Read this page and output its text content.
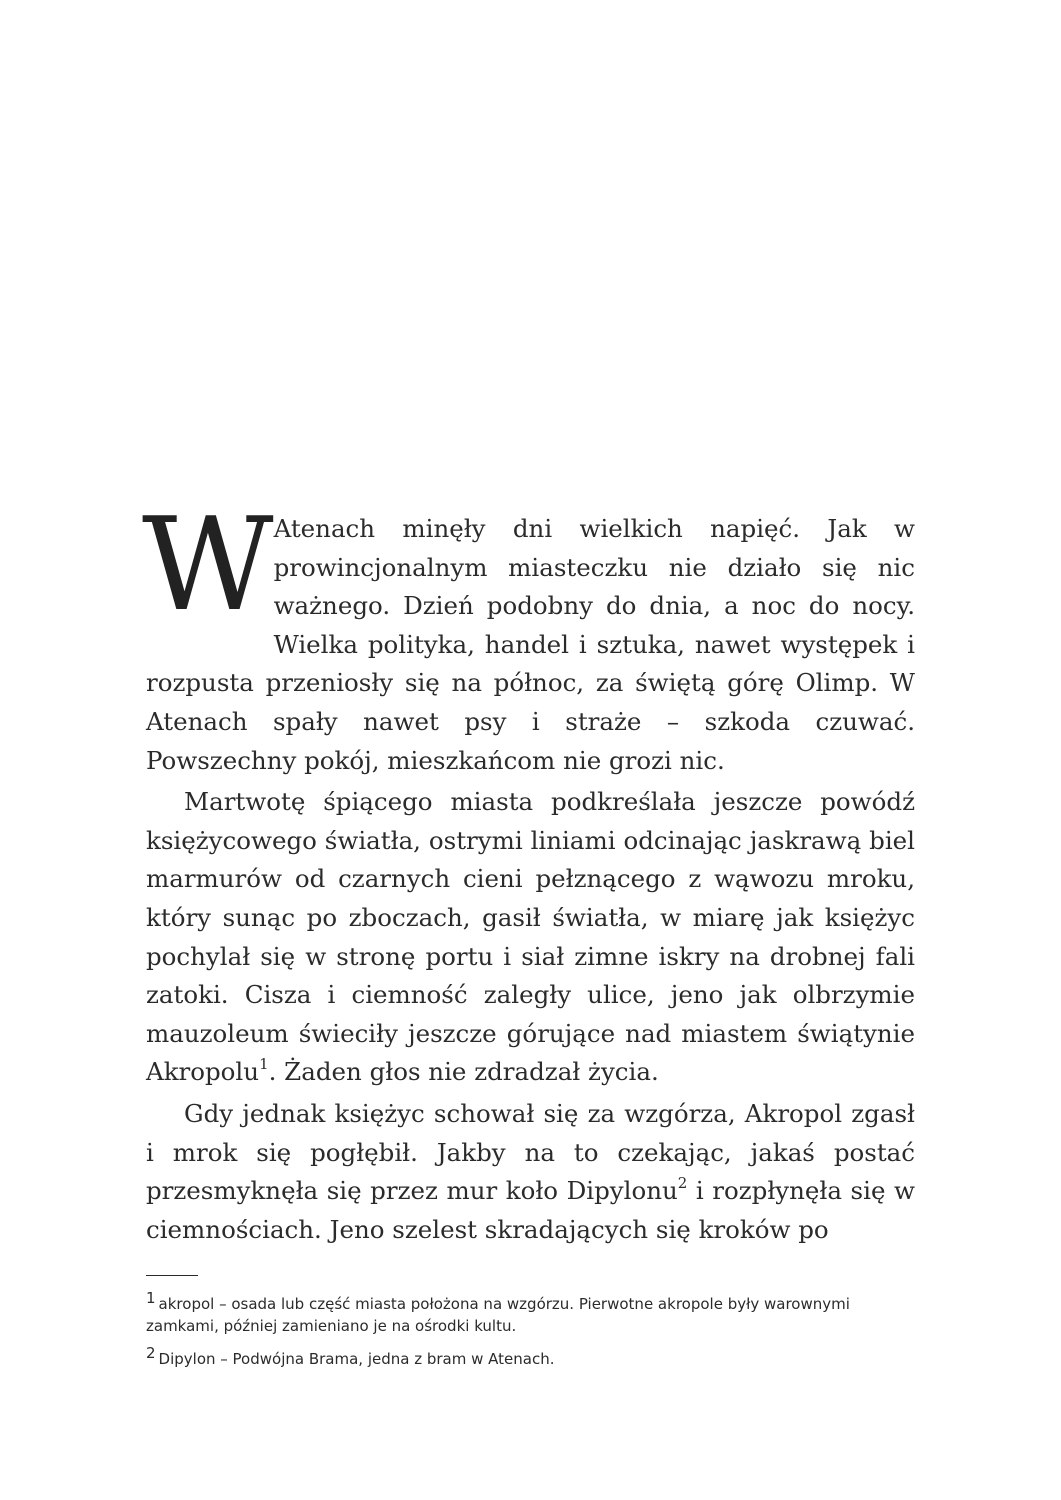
W Atenach minęły dni wielkich napięć. Jak w prowincjonalnym miasteczku nie działo się nic ważnego. Dzień podobny do dnia, a noc do nocy. Wielka polityka, handel i sztuka, nawet występek i rozpusta przeniosły się na północ, za świętą górę Olimp. W Atenach spały nawet psy i straże – szkoda czuwać. Powszechny pokój, mieszkańcom nie grozi nic.

Martwotę śpiącego miasta podkreślała jeszcze powódź księżycowego światła, ostrymi liniami odcinając jaskrawą biel marmurów od czarnych cieni pełznącego z wąwozu mroku, który sunąc po zboczach, gasił światła, w miarę jak księżyc pochylał się w stronę portu i siał zimne iskry na drobnej fali zatoki. Cisza i ciemność zaległy ulice, jeno jak olbrzymie mauzoleum świeciły jeszcze górujące nad miastem świątynie Akropolu$^1$. Żaden głos nie zdradzał życia.

Gdy jednak księżyc schował się za wzgórza, Akropol zgasł i mrok się pogłębił. Jakby na to czekając, jakaś postać przesmyknęła się przez mur koło Dipylonu$^2$ i rozpłynęła się w ciemnościach. Jeno szelest skradających się kroków po

$^1$ akropol – osada lub część miasta położona na wzgórzu. Pierwotne akropole były warownymi zamkami, później zamieniano je na ośrodki kultu.

$^2$ Dipylon – Podwójna Brama, jedna z bram w Atenach.
